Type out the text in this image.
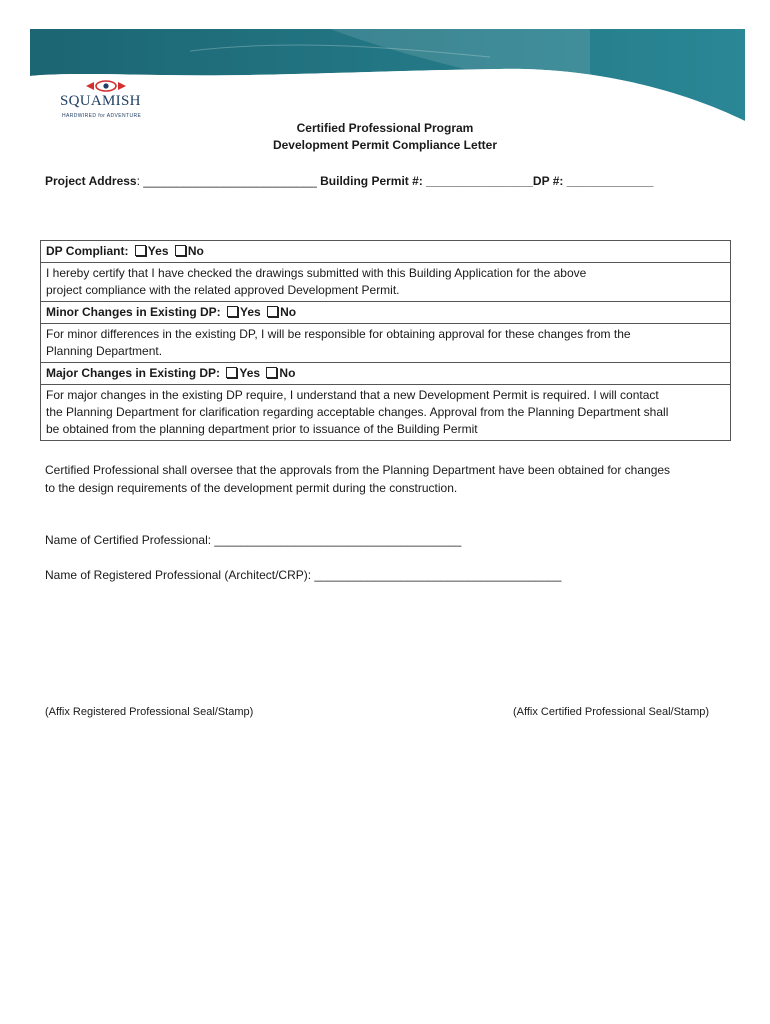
SQUAMISH
HARDWIRED for ADVENTURE
Certified Professional Program
Development Permit Compliance Letter
Project Address: __________________________ Building Permit #: ________________DP #: _____________
DP Compliant: Yes No
I hereby certify that I have checked the drawings submitted with this Building Application for the above
project compliance with the related approved Development Permit.
Minor Changes in Existing DP: Yes No
For minor differences in the existing DP, I will be responsible for obtaining approval for these changes from the
Planning Department.
Major Changes in Existing DP: Yes No
For major changes in the existing DP require, I understand that a new Development Permit is required. I will contact
the Planning Department for clarification regarding acceptable changes. Approval from the Planning Department shall
be obtained from the planning department prior to issuance of the Building Permit
Certified Professional shall oversee that the approvals from the Planning Department have been obtained for changes
to the design requirements of the development permit during the construction.
Name of Certified Professional: _____________________________________
Name of Registered Professional (Architect/CRP): _____________________________________
(Affix Registered Professional Seal/Stamp)	(Affix Certified Professional Seal/Stamp)
